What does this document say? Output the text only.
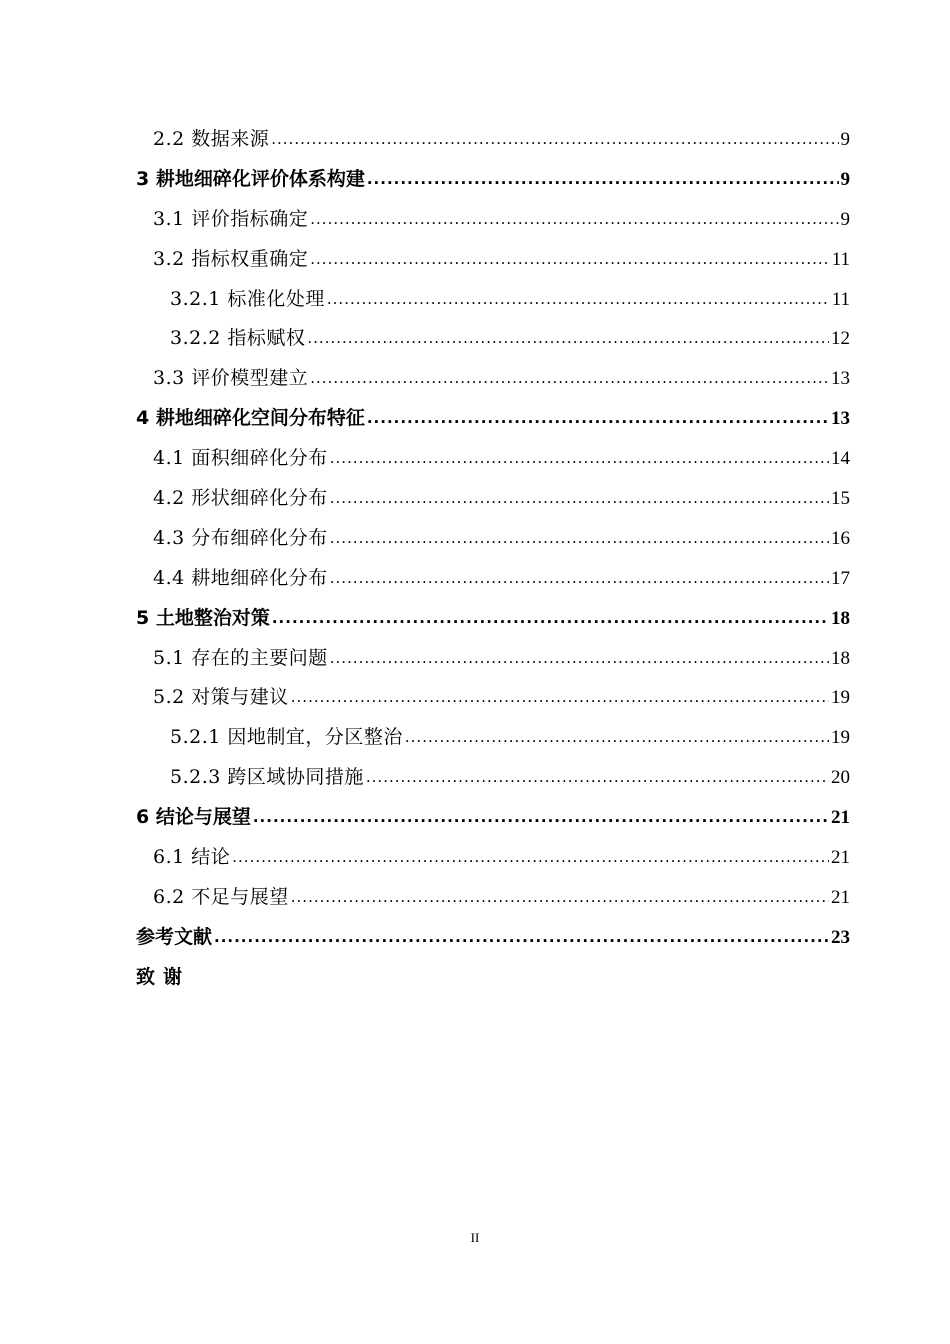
2.2 数据来源 .....	9
3 耕地细碎化评价体系构建 .....	9
3.1 评价指标确定 .....	9
3.2 指标权重确定 .....	11
3.2.1 标准化处理 .....	11
3.2.2 指标赋权 .....	12
3.3 评价模型建立 .....	13
4 耕地细碎化空间分布特征 .....	13
4.1 面积细碎化分布 .....	14
4.2 形状细碎化分布 .....	15
4.3 分布细碎化分布 .....	16
4.4 耕地细碎化分布 .....	17
5 土地整治对策 .....	18
5.1 存在的主要问题 .....	18
5.2 对策与建议 .....	19
5.2.1 因地制宜，分区整治 .....	19
5.2.3 跨区域协同措施 .....	20
6 结论与展望 .....	21
6.1 结论 .....	21
6.2 不足与展望 .....	21
参考文献 .....	23
致谢
II
